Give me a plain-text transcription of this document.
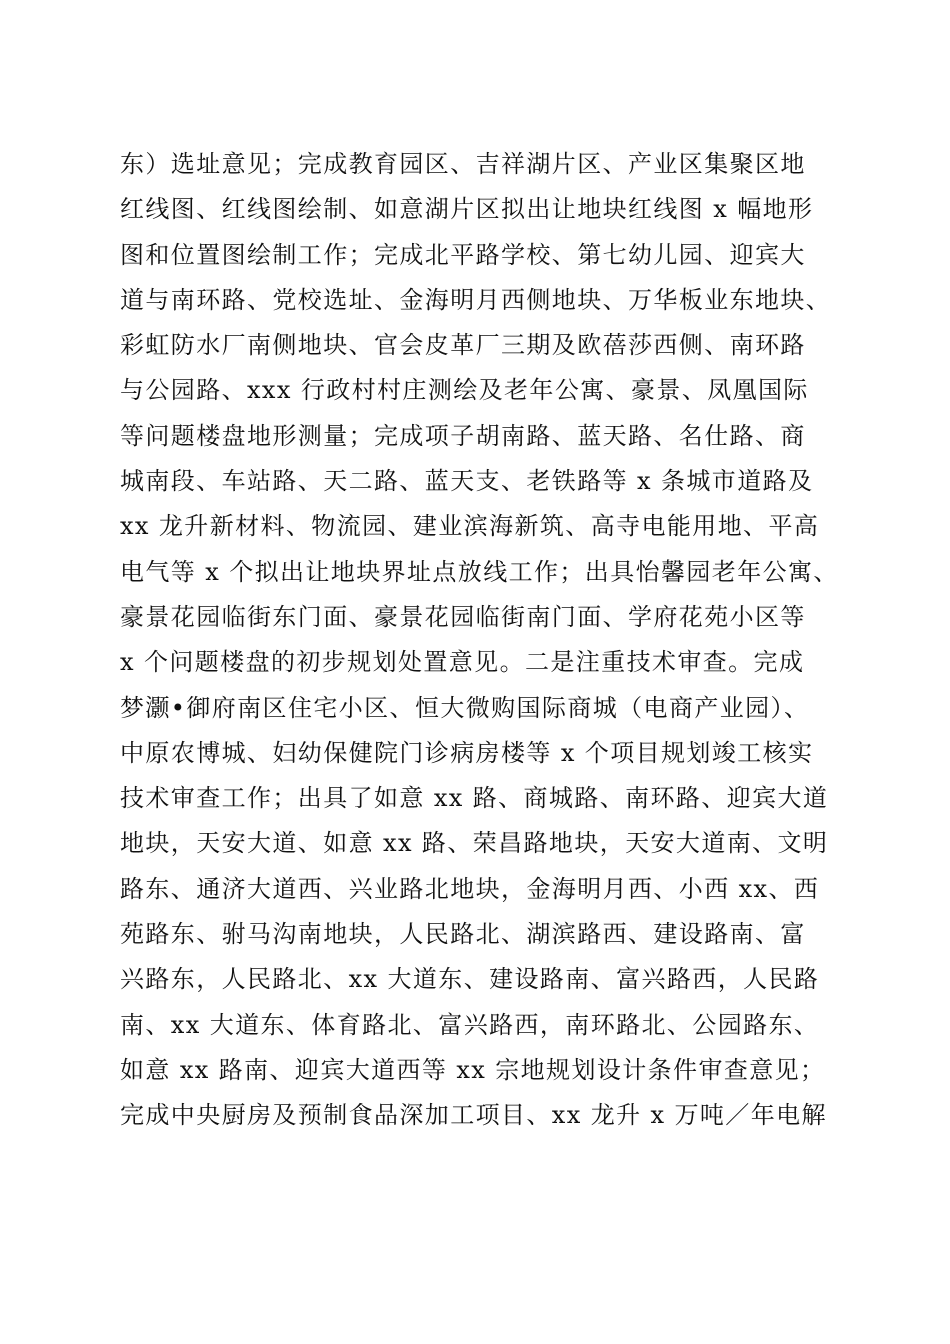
东）选址意见；完成教育园区、吉祥湖片区、产业区集聚区地
红线图、红线图绘制、如意湖片区拟出让地块红线图 x 幅地形
图和位置图绘制工作；完成北平路学校、第七幼儿园、迎宾大
道与南环路、党校选址、金海明月西侧地块、万华板业东地块、
彩虹防水厂南侧地块、官会皮革厂三期及欧蓓莎西侧、南环路
与公园路、xxx 行政村村庄测绘及老年公寓、豪景、凤凰国际
等问题楼盘地形测量；完成项子胡南路、蓝天路、名仕路、商
城南段、车站路、天二路、蓝天支、老铁路等 x 条城市道路及
xx 龙升新材料、物流园、建业滨海新筑、高寺电能用地、平高
电气等 x 个拟出让地块界址点放线工作；出具怡馨园老年公寓、
豪景花园临街东门面、豪景花园临街南门面、学府花苑小区等
x 个问题楼盘的初步规划处置意见。二是注重技术审查。完成
梦灏•御府南区住宅小区、恒大微购国际商城（电商产业园）、
中原农博城、妇幼保健院门诊病房楼等 x 个项目规划竣工核实
技术审查工作；出具了如意 xx 路、商城路、南环路、迎宾大道
地块，天安大道、如意 xx 路、荣昌路地块，天安大道南、文明
路东、通济大道西、兴业路北地块，金海明月西、小西 xx、西
苑路东、驸马沟南地块，人民路北、湖滨路西、建设路南、富
兴路东，人民路北、xx 大道东、建设路南、富兴路西，人民路
南、xx 大道东、体育路北、富兴路西，南环路北、公园路东、
如意 xx 路南、迎宾大道西等 xx 宗地规划设计条件审查意见；
完成中央厨房及预制食品深加工项目、xx 龙升 x 万吨／年电解
